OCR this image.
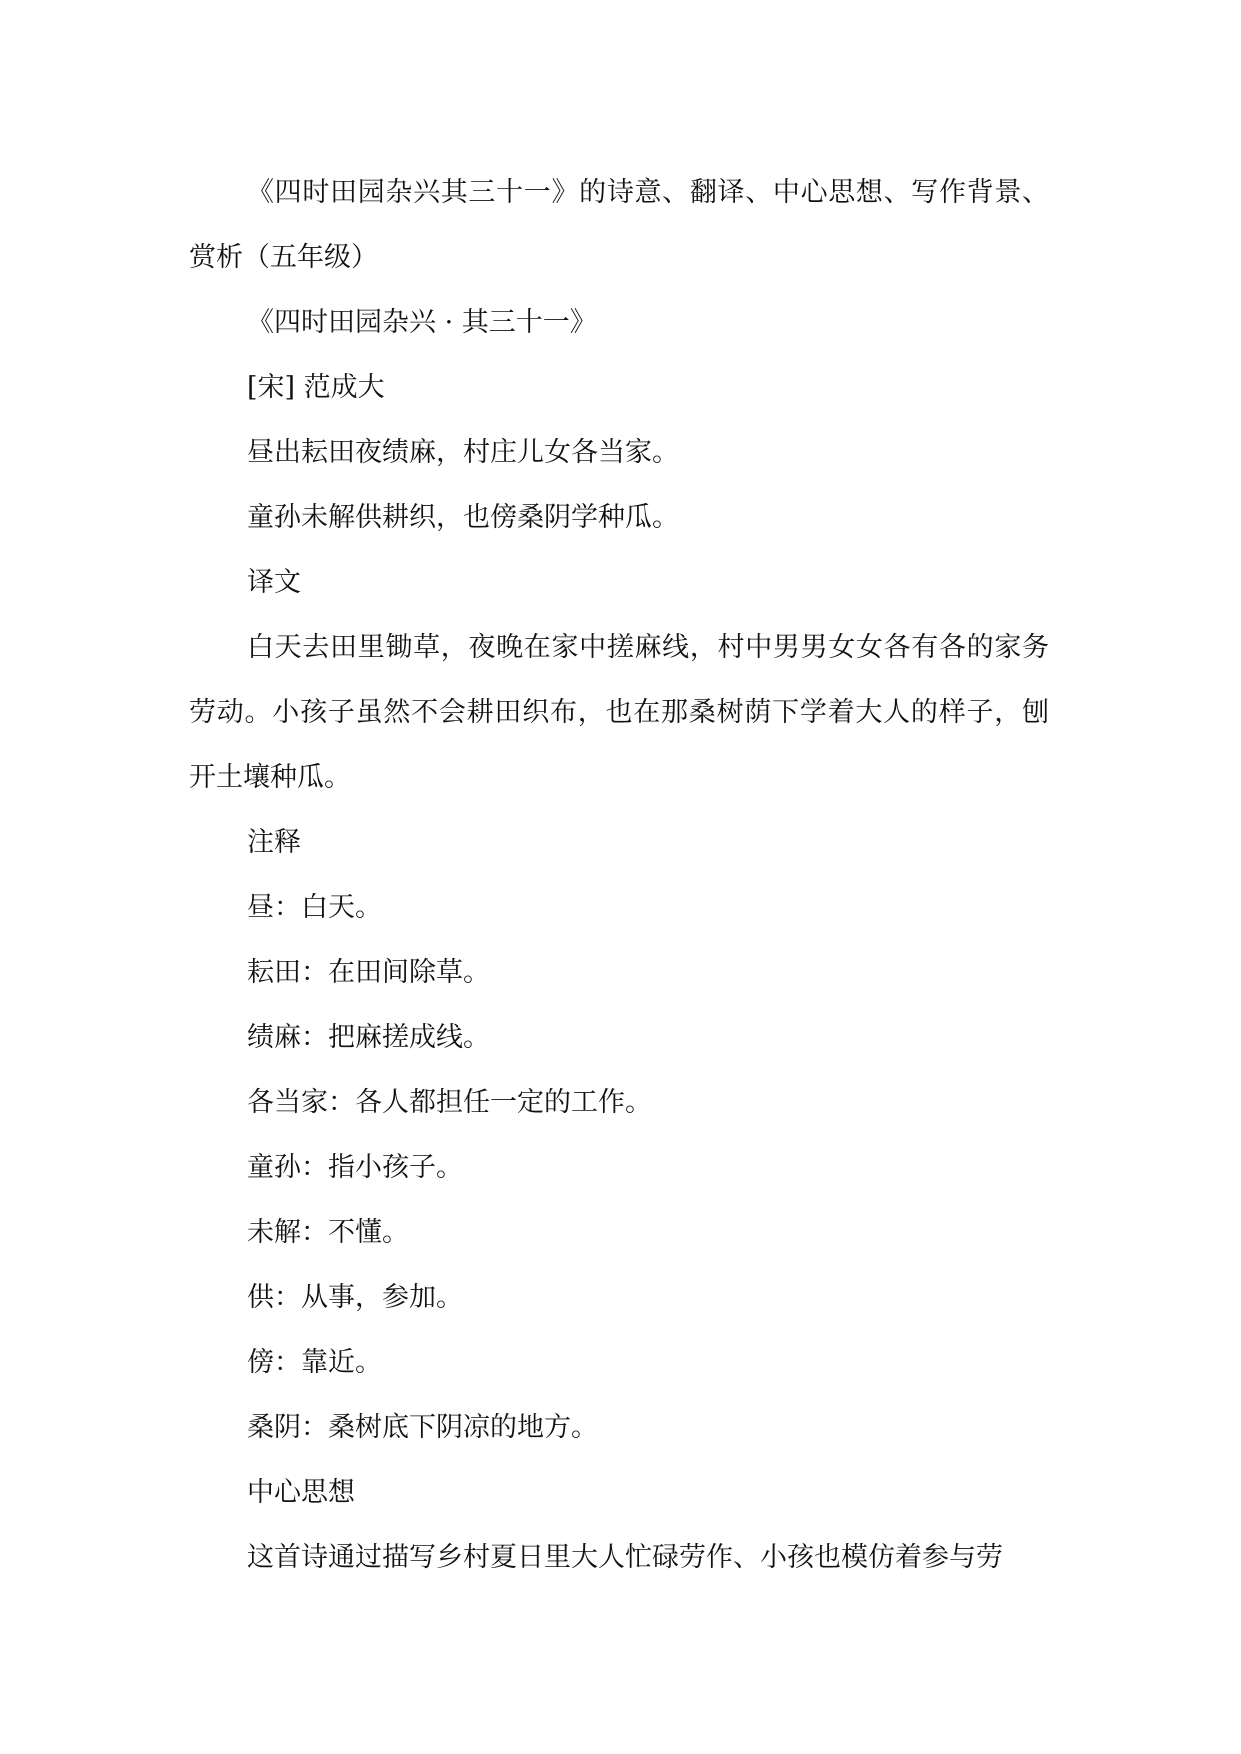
《四时田园杂兴其三十一》的诗意、翻译、中心思想、写作背景、赏析（五年级）

《四时田园杂兴 · 其三十一》

[宋] 范成大

昼出耘田夜绩麻，村庄儿女各当家。

童孙未解供耕织，也傍桑阴学种瓜。

译文

白天去田里锄草，夜晚在家中搓麻线，村中男男女女各有各的家务劳动。小孩子虽然不会耕田织布，也在那桑树荫下学着大人的样子，刨开土壤种瓜。

注释

昼：白天。

耘田：在田间除草。

绩麻：把麻搓成线。

各当家：各人都担任一定的工作。

童孙：指小孩子。

未解：不懂。

供：从事，参加。

傍：靠近。

桑阴：桑树底下阴凉的地方。

中心思想

这首诗通过描写乡村夏日里大人忙碌劳作、小孩也模仿着参与劳
